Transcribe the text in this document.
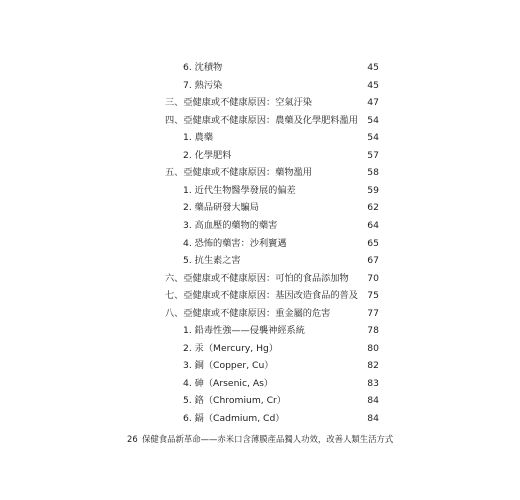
6. 沈積物	45
7. 熱污染	45
三、亞健康或不健康原因：空氣汙染	47
四、亞健康或不健康原因：農藥及化學肥料濫用 54
1. 農藥	54
2. 化學肥料	57
五、亞健康或不健康原因：藥物濫用	58
1. 近代生物醫學發展的偏差	59
2. 藥品研發大騙局	62
3. 高血壓的藥物的藥害	64
4. 恐怖的藥害：沙利竇邁	65
5. 抗生素之害	67
六、亞健康或不健康原因：可怕的食品添加物 70
七、亞健康或不健康原因：基因改造食品的普及 75
八、亞健康或不健康原因：重金屬的危害	77
1. 鉛毒性強——侵襲神經系統	78
2. 汞（Mercury, Hg）	80
3. 銅（Copper, Cu）	82
4. 砷（Arsenic, As）	83
5. 鉻（Chromium, Cr）	84
6. 鎘（Cadmium, Cd）	84
26 保健食品新革命——赤米口含薄膜產品獨人功效，改善人類生活方式
